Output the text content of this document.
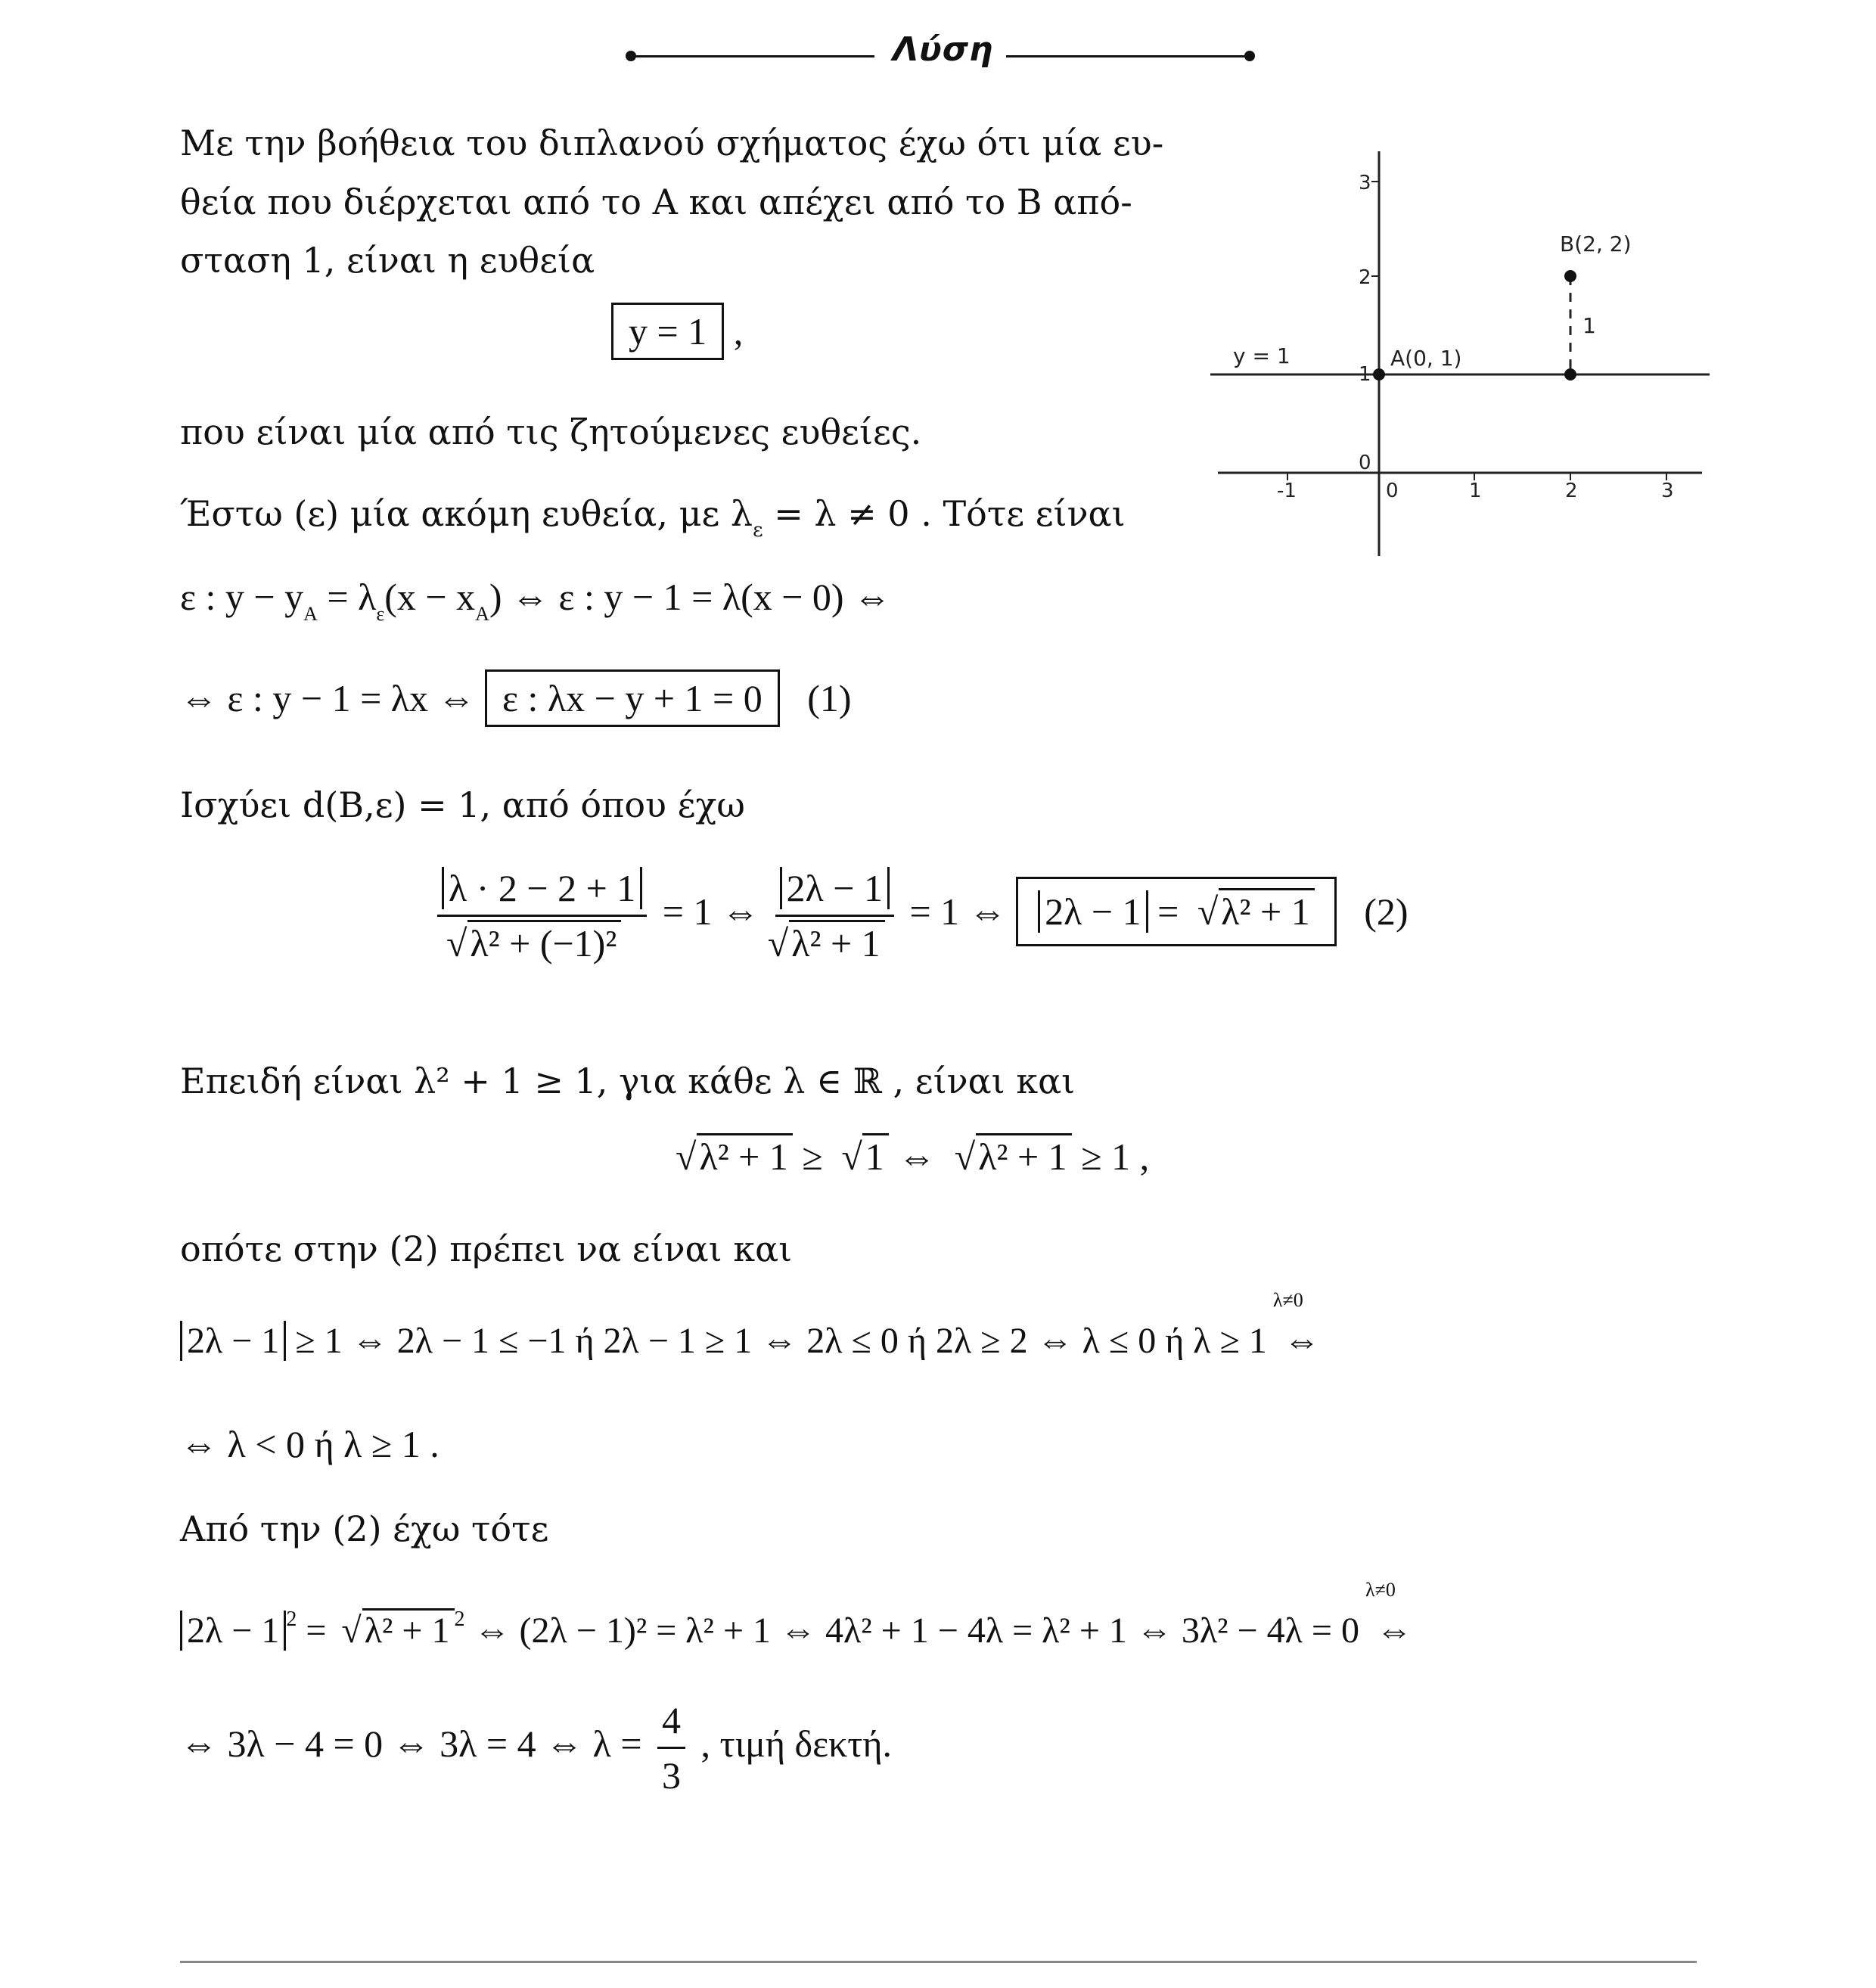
Λύση
Με την βοήθεια του διπλανού σχήματος έχω ότι μία ευ-
θεία που διέρχεται από το Α και απέχει από το Β από-
σταση 1, είναι η ευθεία
y = 1 ,
που είναι μία από τις ζητούμενες ευθείες.
Έστω (ε) μία ακόμη ευθεία, με $\lambda_\varepsilon = \lambda \ne 0$ . Τότε είναι
ε : $y - y_A = \lambda_\varepsilon(x - x_A)$ ⇔ ε : y − 1 = λ(x − 0) ⇔
⇔ ε : y − 1 = λx ⇔ ε : λx − y + 1 = 0 (1)
Ισχύει d(Β,ε) = 1, από όπου έχω
λ · 2 − 2 + 1
√ λ² + (−1)² = 1 ⇔ 2λ − 1
√ λ² + 1 = 1 ⇔ 2λ − 1 = √ λ² + 1 (2)
Επειδή είναι λ² + 1 ≥ 1, για κάθε λ ∈ ℝ , είναι και
√ λ² + 1 ≥ √ 1 ⇔ √ λ² + 1 ≥ 1 ,
οπότε στην (2) πρέπει να είναι και
2λ − 1 ≥ 1 ⇔ 2λ − 1 ≤ −1 ή 2λ − 1 ≥ 1 ⇔ 2λ ≤ 0 ή 2λ ≥ 2 ⇔ λ ≤ 0 ή λ ≥ 1
λ≠0
⇔
⇔ λ < 0 ή λ ≥ 1 .
Από την (2) έχω τότε
2λ − 1 $^2$ = √ λ² + 1 $^2$ ⇔ (2λ − 1)² = λ² + 1 ⇔ 4λ² + 1 − 4λ = λ² + 1 ⇔ 3λ² − 4λ = 0
λ≠0
⇔
⇔ 3λ − 4 = 0 ⇔ 3λ = 4 ⇔ $\lambda = \frac{4}{3}$ , τιμή δεκτή.
-1	0	1	2	3
0
1
2
3
y = 1	A(0, 1)
B(2, 2)
1
